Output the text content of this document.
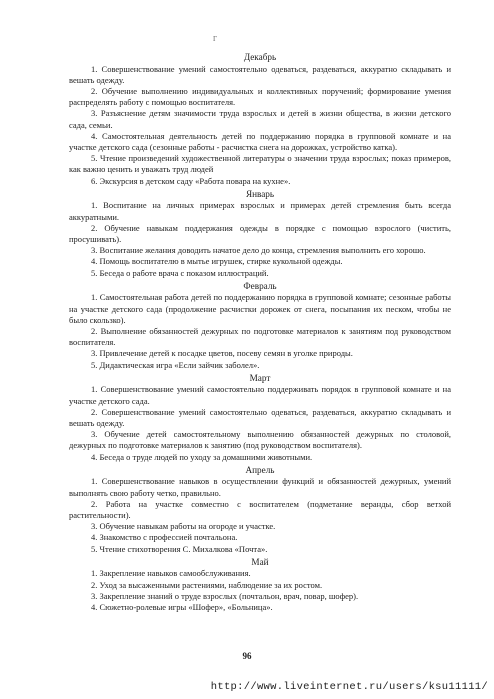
Г
Декабрь

1. Совершенствование умений самостоятельно одеваться, раздеваться, аккуратно складывать и вешать одежду.

2. Обучение выполнению индивидуальных и коллективных поручений; формирование умения распределять работу с помощью воспитателя.

3. Разъяснение детям значимости труда взрослых и детей в жизни общества, в жизни детского сада, семьи.

4. Самостоятельная деятельность детей по поддержанию порядка в групповой комнате и на участке детского сада (сезонные работы - расчистка снега на дорожках, устройство катка).

5. Чтение произведений художественной литературы о значении труда взрослых; показ примеров, как важно ценить и уважать труд людей

6. Экскурсия в детском саду «Работа повара на кухне».

Январь

1. Воспитание на личных примерах взрослых и примерах детей стремления быть всегда аккуратными.

2. Обучение навыкам поддержания одежды в порядке с помощью взрослого (чистить, просушивать).

3. Воспитание желания доводить начатое дело до конца, стремления выполнить его хорошо.

4. Помощь воспитателю в мытье игрушек, стирке кукольной одежды.

5. Беседа о работе врача с показом иллюстраций.

Февраль

1. Самостоятельная работа детей по поддержанию порядка в групповой комнате; сезонные работы на участке детского сада (продолжение расчистки дорожек от снега, посыпания их песком, чтобы не было скользко).

2. Выполнение обязанностей дежурных по подготовке материалов к занятиям под руководством воспитателя.

3. Привлечение детей к посадке цветов, посеву семян в уголке природы.

5. Дидактическая игра «Если зайчик заболел».

Март

1. Совершенствование умений самостоятельно поддерживать порядок в групповой комнате и на участке детского сада.

2. Совершенствование умений самостоятельно одеваться, раздеваться, аккуратно складывать и вешать одежду.

3. Обучение детей самостоятельному выполнению обязанностей дежурных по столовой, дежурных по подготовке материалов к занятию (под руководством воспитателя).

4. Беседа о труде людей по уходу за домашними животными.

Апрель

1. Совершенствование навыков в осуществлении функций и обязанностей дежурных, умений выполнять свою работу четко, правильно.

2. Работа на участке совместно с воспитателем (подметание веранды, сбор ветхой растительности).

3. Обучение навыкам работы на огороде и участке.

4. Знакомство с профессией почтальона.

5. Чтение стихотворения С. Михалкова «Почта».

Май

1. Закрепление навыков самообслуживания.

2. Уход за высаженными растениями, наблюдение за их ростом.

3. Закрепление знаний о труде взрослых (почтальон, врач, повар, шофер).

4. Сюжетно-ролевые игры «Шофер», «Больница».

96
http://www.liveinternet.ru/users/ksu11111/
